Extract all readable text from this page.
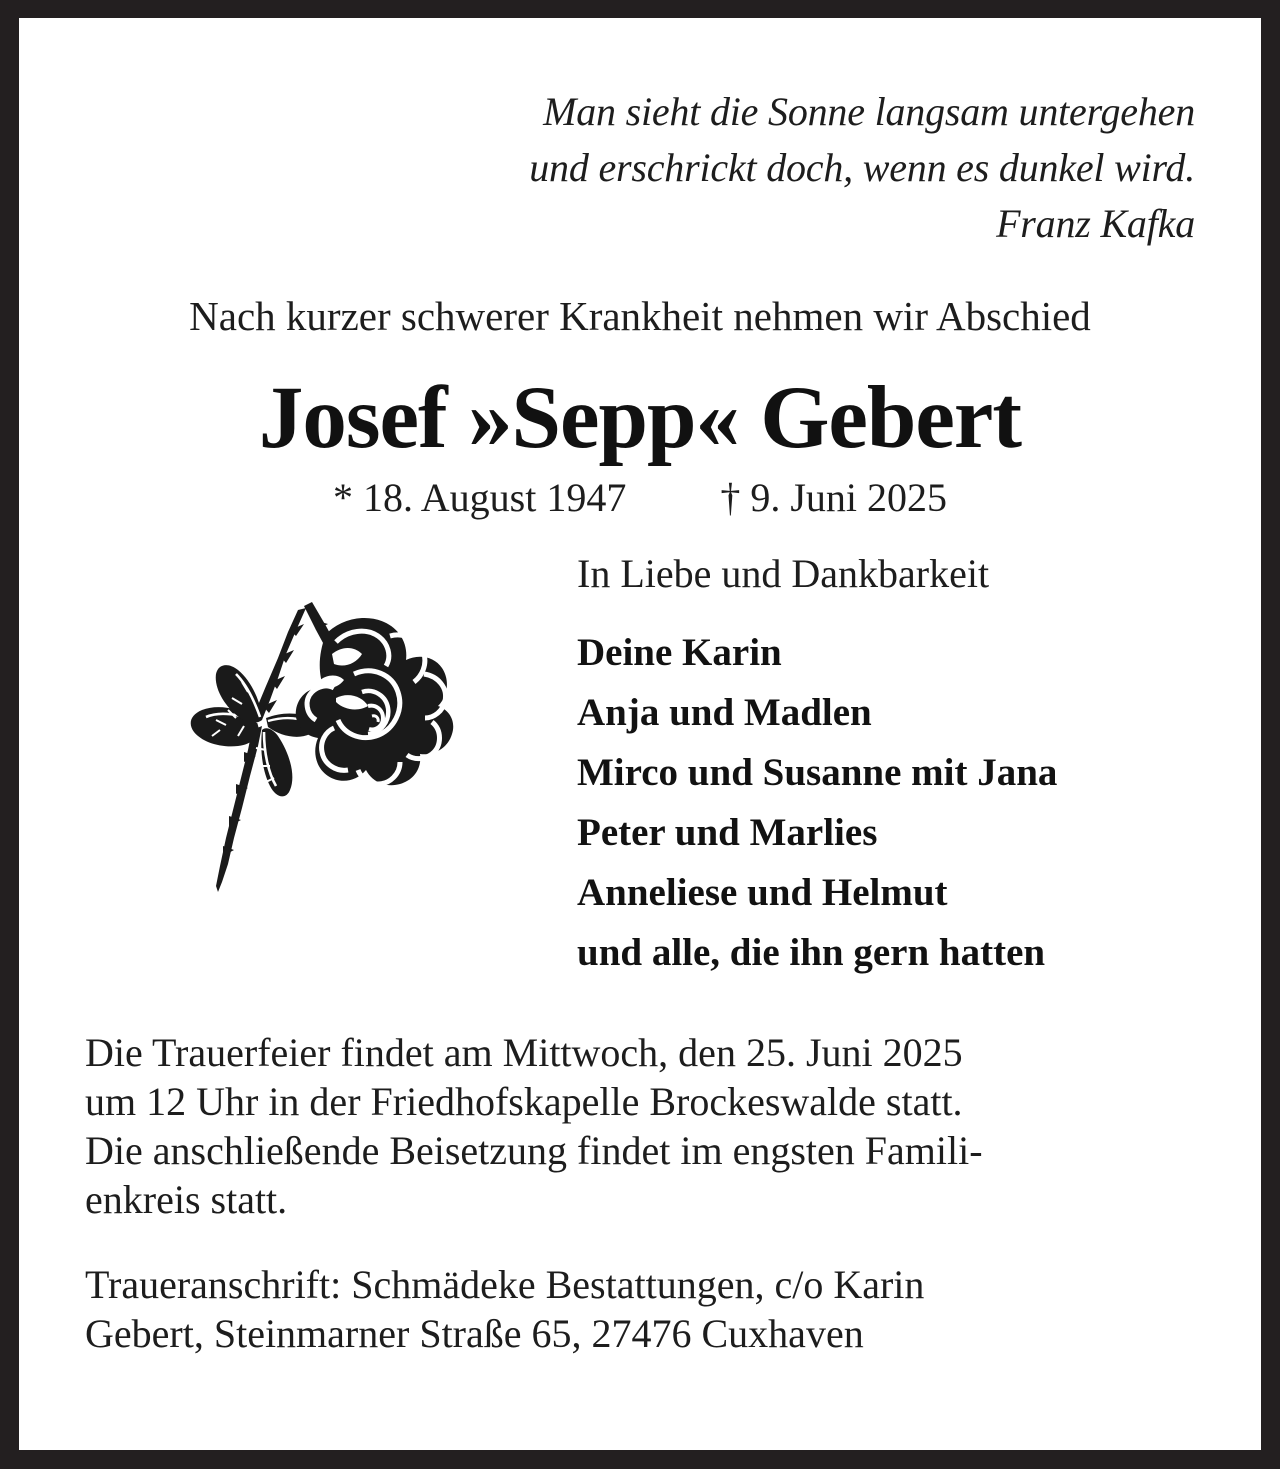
Man sieht die Sonne langsam untergehen
und erschrickt doch, wenn es dunkel wird.
Franz Kafka
Nach kurzer schwerer Krankheit nehmen wir Abschied
Josef »Sepp« Gebert
* 18. August 1947 † 9. Juni 2025
In Liebe und Dankbarkeit
Deine Karin
Anja und Madlen
Mirco und Susanne mit Jana
Peter und Marlies
Anneliese und Helmut
und alle, die ihn gern hatten
Die Trauerfeier findet am Mittwoch, den 25. Juni 2025
um 12 Uhr in der Friedhofskapelle Brockeswalde statt.
Die anschließende Beisetzung findet im engsten Famili-
enkreis statt.
Traueranschrift: Schmädeke Bestattungen, c/o Karin
Gebert, Steinmarner Straße 65, 27476 Cuxhaven
